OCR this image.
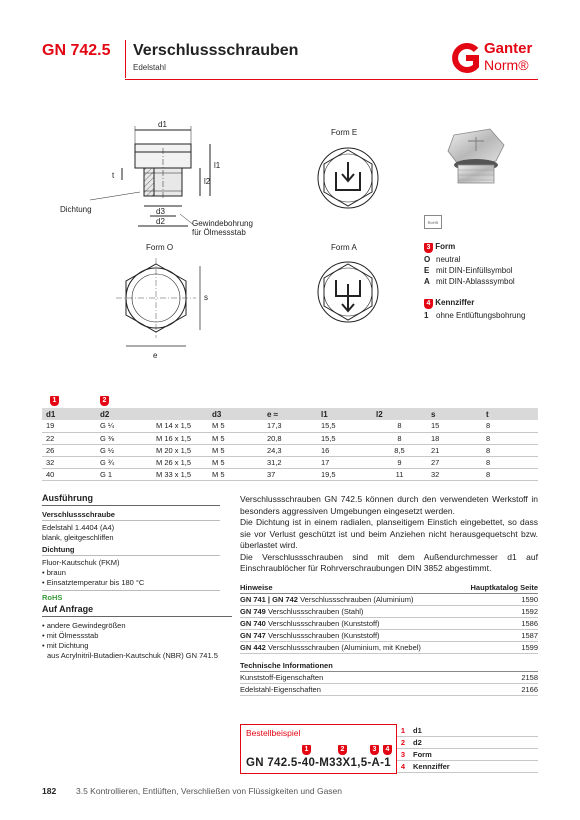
GN 742.5 Verschlussschrauben
Edelstahl
Ganter
Norm®
d1
d3
d2
l1
l2
t
Dichtung
Gewindebohrung
für Ölmessstab
Form E
RoHS
Form O
s
e
Form A	3 Form
O neutral
E mit DIN-Einfüllsymbol
A mit DIN-Ablasssymbol
4 Kennziffer
1 ohne Entlüftungsbohrung
1	2
d1	d2		d3	e ≈	l1	l2	s	t
19	G ¼	M 14 x 1,5	M 5	17,3	15,5	8	15	8
22	G ⅜	M 16 x 1,5	M 5	20,8	15,5	8	18	8
26	G ½	M 20 x 1,5	M 5	24,3	16	8,5	21	8
32	G ¾	M 26 x 1,5	M 5	31,2	17	9	27	8
40	G 1	M 33 x 1,5	M 5	37	19,5	11	32	8
Ausführung
Verschlussschraube
Edelstahl 1.4404 (A4)
blank, gleitgeschliffen
Dichtung
Fluor-Kautschuk (FKM)
• braun
• Einsatztemperatur bis 180 °C
RoHS
Auf Anfrage
• andere Gewindegrößen
• mit Ölmessstab
• mit Dichtung
aus Acrylnitril-Butadien-Kautschuk (NBR) GN 741.5

Verschlussschrauben GN 742.5 können durch den verwendeten Werkstoff in besonders aggressiven Umgebungen eingesetzt werden.

Die Dichtung ist in einem radialen, planseitigem Einstich eingebettet, so dass sie vor Verlust geschützt ist und beim Anziehen nicht herausgequetscht bzw. überlastet wird.

Die Verschlussschrauben sind mit dem Außendurchmesser d1 auf Einschraublöcher für Rohrverschraubungen DIN 3852 abgestimmt.

Hinweise	Hauptkatalog Seite
GN 741 | GN 742 Verschlussschrauben (Aluminium)	1590
GN 749 Verschlussschrauben (Stahl)	1592
GN 740 Verschlussschrauben (Kunststoff)	1586
GN 747 Verschlussschrauben (Kunststoff)	1587
GN 442 Verschlussschrauben (Aluminium, mit Knebel)	1599
Technische Informationen
Kunststoff-Eigenschaften	2158
Edelstahl-Eigenschaften	2166
Bestellbeispiel
1	2	3	4
GN 742.5-40-M33X1,5-A-1
1	d1
2	d2
3	Form
4	Kennziffer
182 3.5 Kontrollieren, Entlüften, Verschließen von Flüssigkeiten und Gasen
